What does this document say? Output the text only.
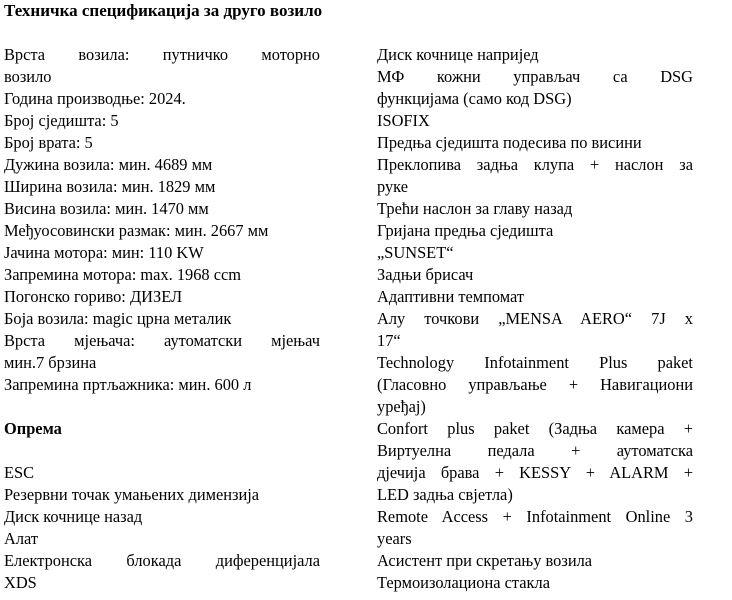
Техничка спецификација за друго возило
Врста возила: путничко моторно
возило
Година производње: 2024.
Број сједишта: 5
Број врата: 5
Дужина возила: мин. 4689 мм
Ширина возила: мин. 1829 мм
Висина возила: мин. 1470 мм
Међуосовински размак: мин. 2667 мм
Јачина мотора: мин: 110 KW
Запремина мотора: max. 1968 ccm
Погонско гориво: ДИЗЕЛ
Боја возила: magic црна металик
Врста мјењача: аутоматски мјењач
мин.7 брзина
Запремина пртљажника: мин. 600 л
Опрема
ESC
Резервни точак умањених димензија
Диск кочнице назад
Алат
Електронска блокада диференцијала
XDS
Диск кочнице напријед
МФ кожни управљач са DSG
функцијама (само код DSG)
ISOFIX
Предња сједишта подесива по висини
Преклопива задња клупа + наслон за
руке
Трећи наслон за главу назад
Гријана предња сједишта
„SUNSET“
Задњи брисач
Адаптивни темпомат
Алу точкови „MENSA AERO“ 7J x
17“
Technology Infotainment Plus paket
(Гласовно управљање + Навигациони
уређај)
Confort plus paket (Задња камера +
Виртуелна педала + аутоматска
дјечија брава + KESSY + ALARM +
LED задња свјетла)
Remote Access + Infotainment Online 3
years
Асистент при скретању возила
Термоизолациона стакла
